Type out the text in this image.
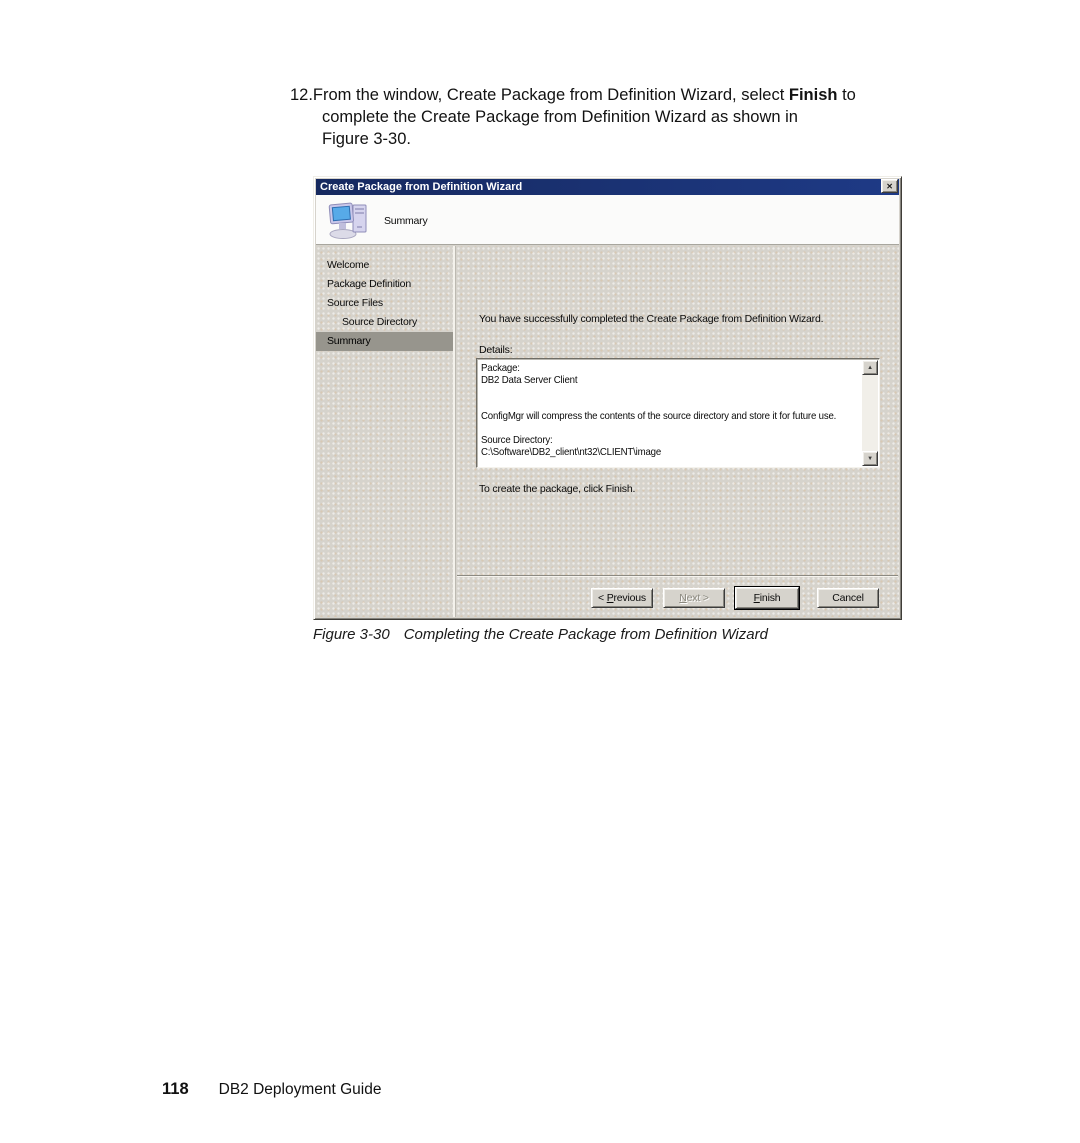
12.From the window, Create Package from Definition Wizard, select Finish to
complete the Create Package from Definition Wizard as shown in
Figure 3-30.
Create Package from Definition Wizard	✕
Summary
Welcome
Package Definition
Source Files
Source Directory
Summary
You have successfully completed the Create Package from Definition Wizard.
Details:
Package:
DB2 Data Server Client
ConfigMgr will compress the contents of the source directory and store it for future use.
Source Directory:
C:\Software\DB2_client\nt32\CLIENT\image
▲
▼
To create the package, click Finish.
< Previous	Next >	Finish	Cancel
Figure 3-30 Completing the Create Package from Definition Wizard
118 DB2 Deployment Guide
